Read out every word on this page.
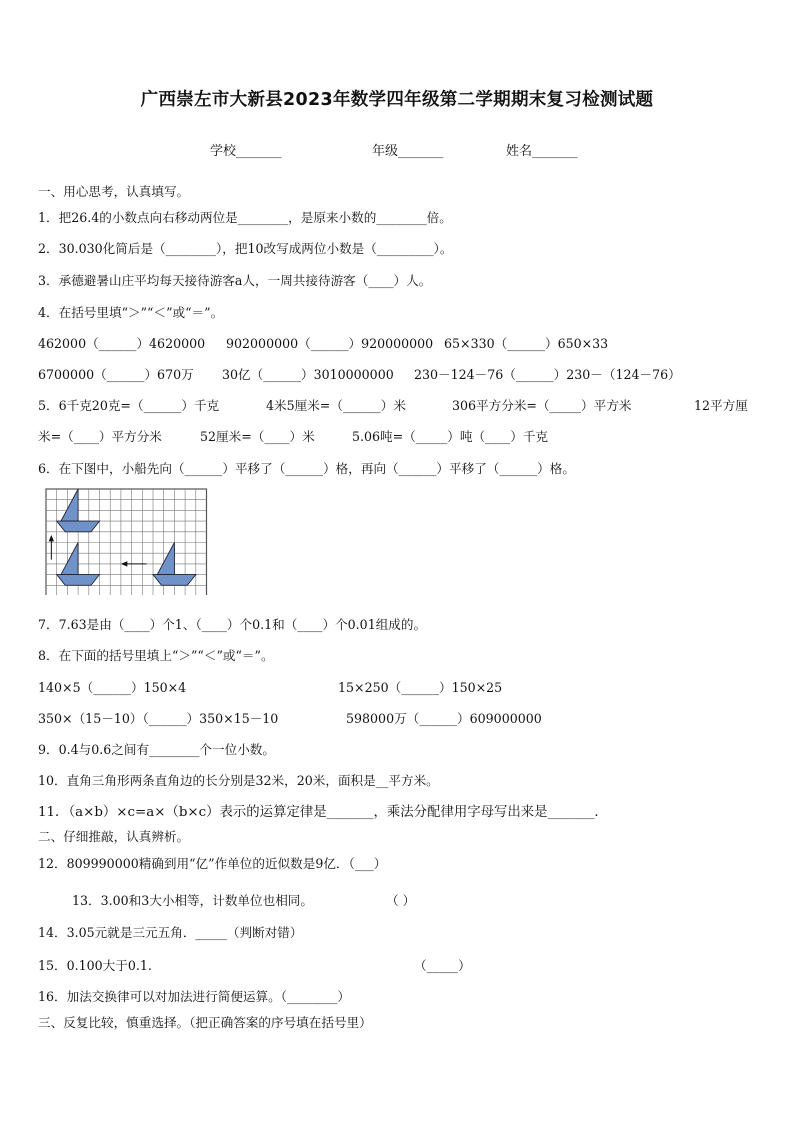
广西崇左市大新县2023年数学四年级第二学期期末复习检测试题
学校_______	年级_______	姓名_______
一、用心思考，认真填写。
1．把26.4的小数点向右移动两位是________，是原来小数的________倍。
2．30.030化简后是（________），把10改写成两位小数是（_________）。
3．承德避暑山庄平均每天接待游客a人，一周共接待游客（____）人。
4．在括号里填“＞”“＜”或“＝”。
462000（______）4620000 902000000（______）920000000 65×330（______）650×33
6700000（______）670万 30亿（______）3010000000 230－124－76（______）230－（124－76）
5．6千克20克=（______）千克	4米5厘米=（______）米	306平方分米=（_____）平方米	12平方厘
米=（____）平方分米	52厘米=（____）米	5.06吨=（_____）吨（____）千克
6．在下图中，小船先向（______）平移了（______）格，再向（______）平移了（______）格。
7．7.63是由（____）个1、（____）个0.1和（____）个0.01组成的。
8．在下面的括号里填上“＞”“＜”或“＝”。
140×5（______）150×4	15×250（______）150×25
350×（15－10）（______）350×15－10	598000万（______）609000000
9．0.4与0.6之间有________个一位小数。
10．直角三角形两条直角边的长分别是32米，20米，面积是__平方米。
11．（a×b）×c=a×（b×c）表示的运算定律是_______，乘法分配律用字母写出来是_______．
二、仔细推敲，认真辨析。
12．809990000精确到用“亿”作单位的近似数是9亿．（___）
13．3.00和3大小相等，计数单位也相同。	（ ）
14．3.05元就是三元五角．_____（判断对错）
15．0.100大于0.1.	（_____）
16．加法交换律可以对加法进行简便运算。（________）
三、反复比较，慎重选择。（把正确答案的序号填在括号里）
